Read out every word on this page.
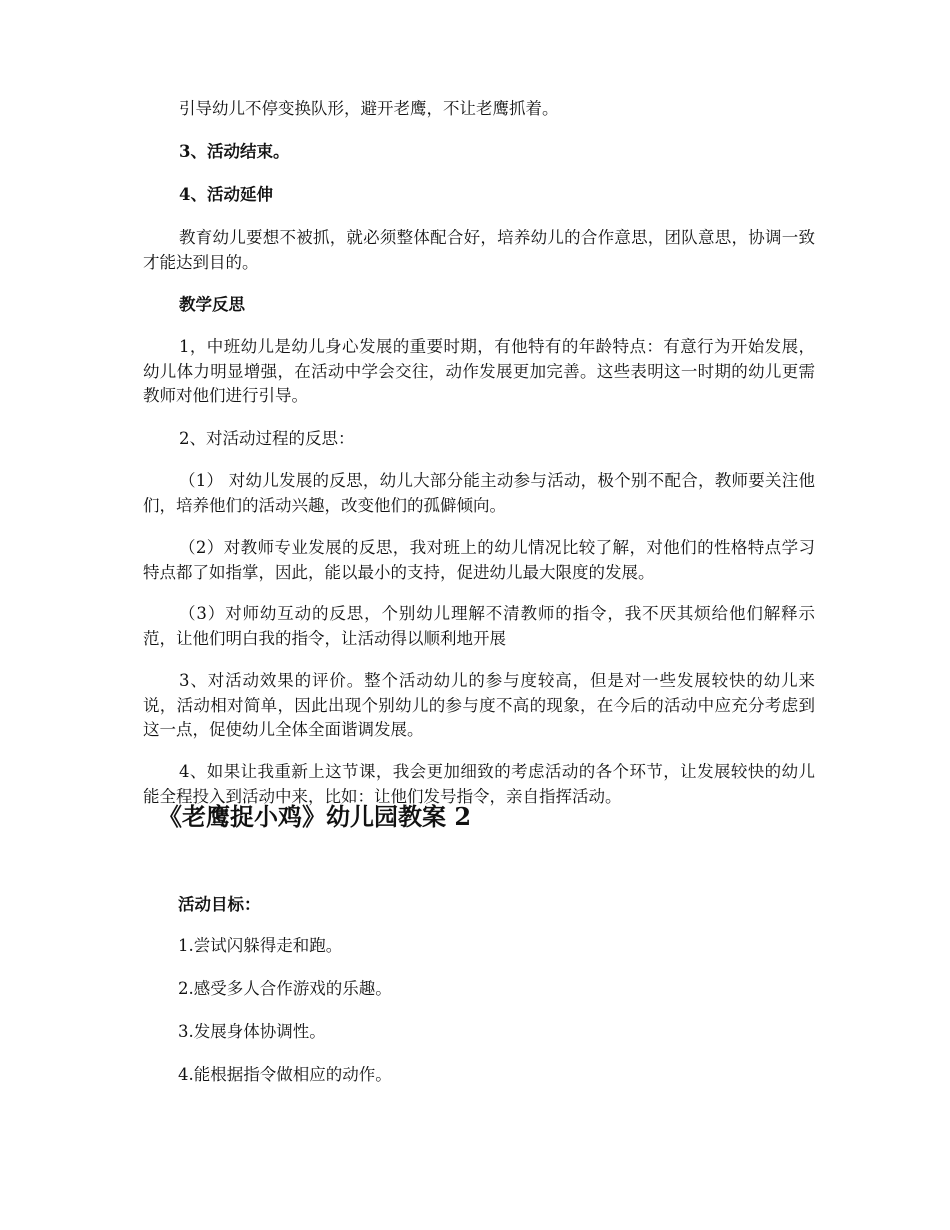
引导幼儿不停变换队形，避开老鹰，不让老鹰抓着。

3、活动结束。

4、活动延伸

教育幼儿要想不被抓，就必须整体配合好，培养幼儿的合作意思，团队意思，协调一致才能达到目的。

教学反思

1，中班幼儿是幼儿身心发展的重要时期，有他特有的年龄特点：有意行为开始发展，幼儿体力明显增强，在活动中学会交往，动作发展更加完善。这些表明这一时期的幼儿更需教师对他们进行引导。

2、对活动过程的反思：

（1） 对幼儿发展的反思，幼儿大部分能主动参与活动，极个别不配合，教师要关注他们，培养他们的活动兴趣，改变他们的孤僻倾向。

（2）对教师专业发展的反思，我对班上的幼儿情况比较了解，对他们的性格特点学习特点都了如指掌，因此，能以最小的支持，促进幼儿最大限度的发展。

（3）对师幼互动的反思，个别幼儿理解不清教师的指令，我不厌其烦给他们解释示范，让他们明白我的指令，让活动得以顺利地开展

3、对活动效果的评价。整个活动幼儿的参与度较高，但是对一些发展较快的幼儿来说，活动相对简单，因此出现个别幼儿的参与度不高的现象，在今后的活动中应充分考虑到这一点，促使幼儿全体全面谐调发展。

4、如果让我重新上这节课，我会更加细致的考虑活动的各个环节，让发展较快的幼儿能全程投入到活动中来，比如：让他们发号指令，亲自指挥活动。

《老鹰捉小鸡》幼儿园教案 2

活动目标：

1.尝试闪躲得走和跑。

2.感受多人合作游戏的乐趣。

3.发展身体协调性。

4.能根据指令做相应的动作。
